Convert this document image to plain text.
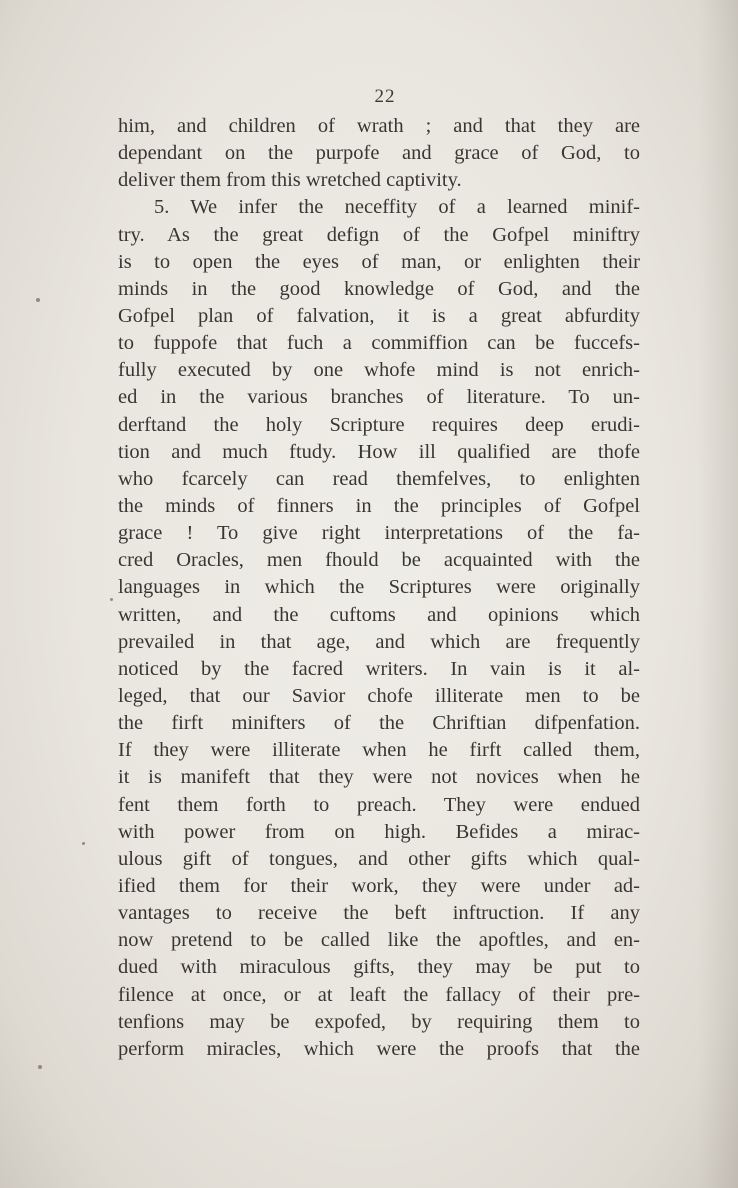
22
him, and children of wrath ; and that they are
dependant on the purpofe and grace of God, to
deliver them from this wretched captivity.
5. We infer the neceffity of a learned minif-
try. As the great defign of the Gofpel miniftry
is to open the eyes of man, or enlighten their
minds in the good knowledge of God, and the
Gofpel plan of falvation, it is a great abfurdity
to fuppofe that fuch a commiffion can be fuccefs-
fully executed by one whofe mind is not enrich-
ed in the various branches of literature. To un-
derftand the holy Scripture requires deep erudi-
tion and much ftudy. How ill qualified are thofe
who fcarcely can read themfelves, to enlighten
the minds of finners in the principles of Gofpel
grace ! To give right interpretations of the fa-
cred Oracles, men fhould be acquainted with the
languages in which the Scriptures were originally
written, and the cuftoms and opinions which
prevailed in that age, and which are frequently
noticed by the facred writers. In vain is it al-
leged, that our Savior chofe illiterate men to be
the firft minifters of the Chriftian difpenfation.
If they were illiterate when he firft called them,
it is manifeft that they were not novices when he
fent them forth to preach. They were endued
with power from on high. Befides a mirac-
ulous gift of tongues, and other gifts which qual-
ified them for their work, they were under ad-
vantages to receive the beft inftruction. If any
now pretend to be called like the apoftles, and en-
dued with miraculous gifts, they may be put to
filence at once, or at leaft the fallacy of their pre-
tenfions may be expofed, by requiring them to
perform miracles, which were the proofs that the
